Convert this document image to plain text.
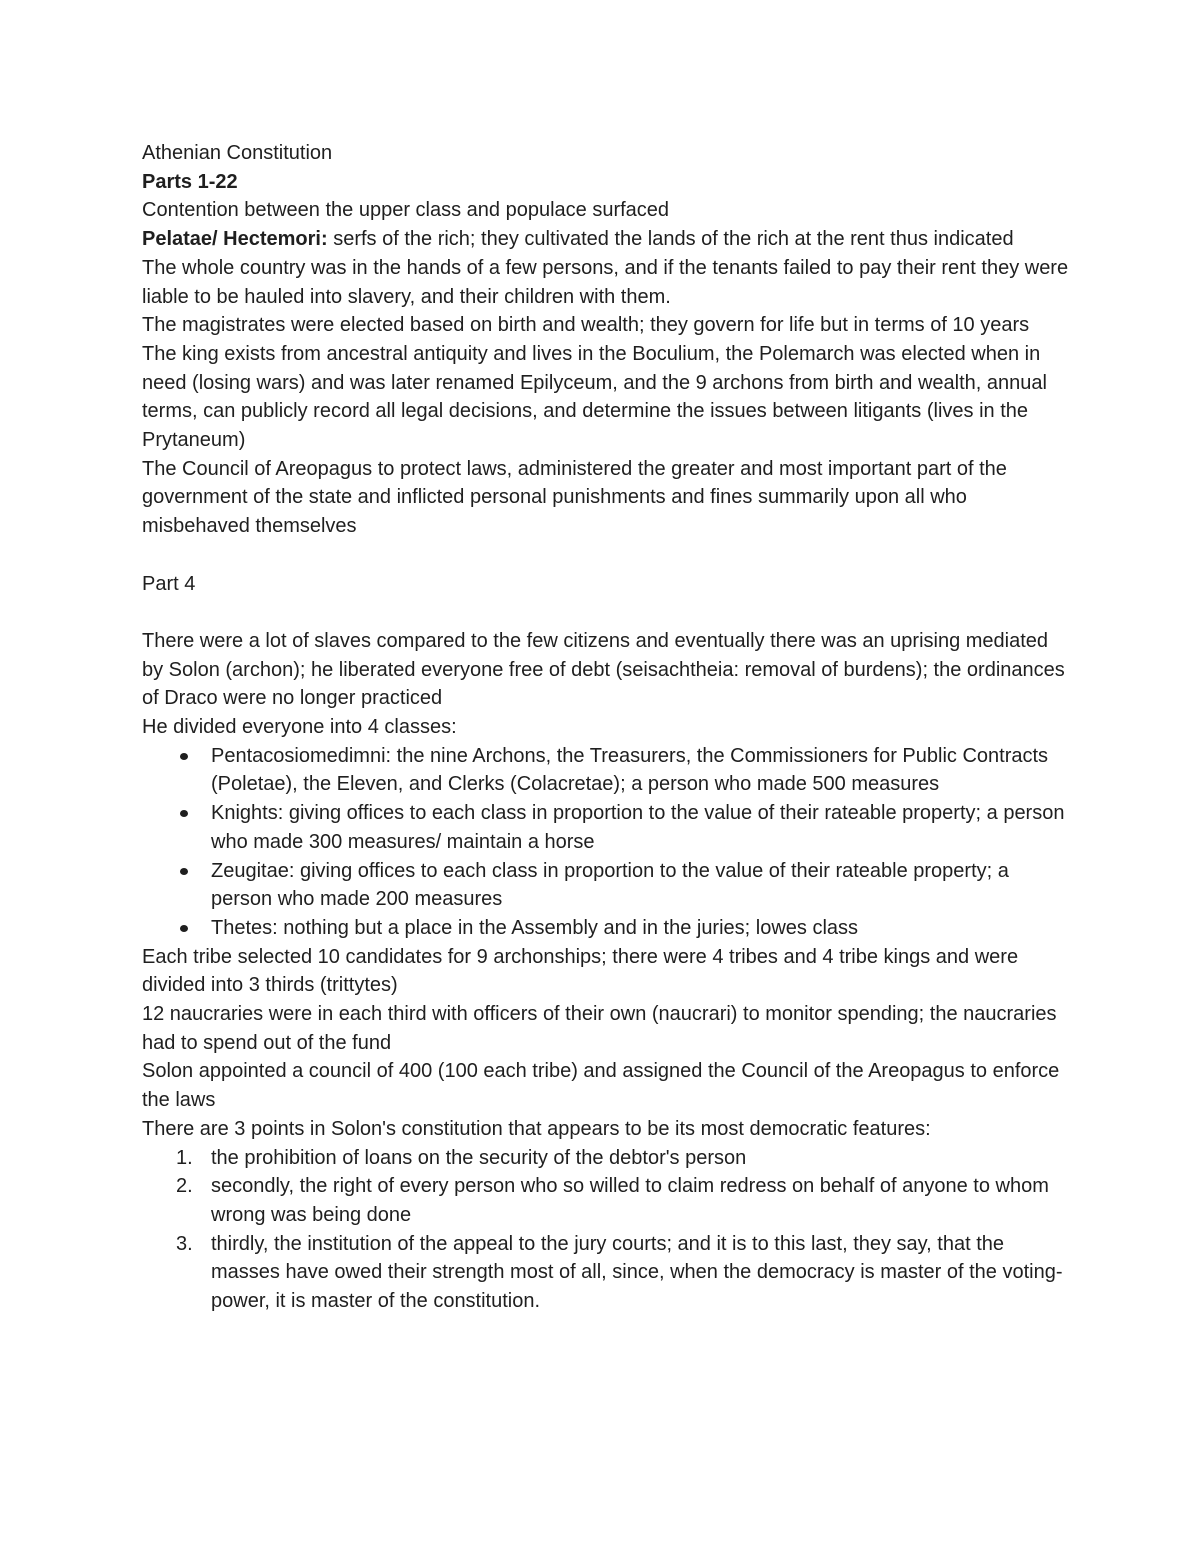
Athenian Constitution

Parts 1-22

Contention between the upper class and populace surfaced

Pelatae/ Hectemori: serfs of the rich; they cultivated the lands of the rich at the rent thus indicated

The whole country was in the hands of a few persons, and if the tenants failed to pay their rent they were liable to be hauled into slavery, and their children with them.

The magistrates were elected based on birth and wealth; they govern for life but in terms of 10 years

The king exists from ancestral antiquity and lives in the Boculium, the Polemarch was elected when in need (losing wars) and was later renamed Epilyceum, and the 9 archons from birth and wealth, annual terms, can publicly record all legal decisions, and determine the issues between litigants (lives in the Prytaneum)

The Council of Areopagus to protect laws, administered the greater and most important part of the government of the state and inflicted personal punishments and fines summarily upon all who misbehaved themselves

Part 4

There were a lot of slaves compared to the few citizens and eventually there was an uprising mediated by Solon (archon); he liberated everyone free of debt (seisachtheia: removal of burdens); the ordinances of Draco were no longer practiced

He divided everyone into 4 classes:

Pentacosiomedimni: the nine Archons, the Treasurers, the Commissioners for Public Contracts (Poletae), the Eleven, and Clerks (Colacretae); a person who made 500 measures
Knights: giving offices to each class in proportion to the value of their rateable property; a person who made 300 measures/ maintain a horse
Zeugitae: giving offices to each class in proportion to the value of their rateable property; a person who made 200 measures
Thetes: nothing but a place in the Assembly and in the juries; lowes class

Each tribe selected 10 candidates for 9 archonships; there were 4 tribes and 4 tribe kings and were divided into 3 thirds (trittytes)

12 naucraries were in each third with officers of their own (naucrari) to monitor spending; the naucraries had to spend out of the fund

Solon appointed a council of 400 (100 each tribe) and assigned the Council of the Areopagus to enforce the laws

There are 3 points in Solon's constitution that appears to be its most democratic features:

1. the prohibition of loans on the security of the debtor's person
2. secondly, the right of every person who so willed to claim redress on behalf of anyone to whom wrong was being done
3. thirdly, the institution of the appeal to the jury courts; and it is to this last, they say, that the masses have owed their strength most of all, since, when the democracy is master of the voting-power, it is master of the constitution.
